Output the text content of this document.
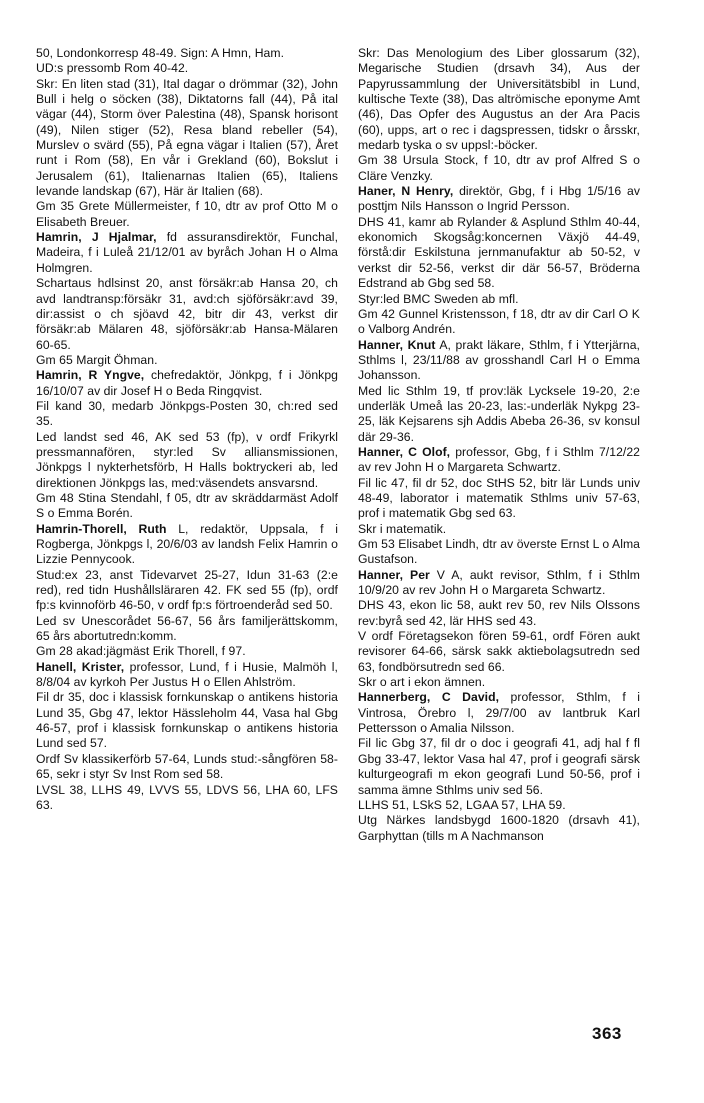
50, Londonkorresp 48-49. Sign: A Hmn, Ham.

UD:s pressomb Rom 40-42.

Skr: En liten stad (31), Ital dagar o drömmar (32), John Bull i helg o söcken (38), Diktatorns fall (44), På ital vägar (44), Storm över Palestina (48), Spansk horisont (49), Nilen stiger (52), Resa bland rebeller (54), Murslev o svärd (55), På egna vägar i Italien (57), Året runt i Rom (58), En vår i Grekland (60), Bokslut i Jerusalem (61), Italienarnas Italien (65), Italiens levande landskap (67), Här är Italien (68).

Gm 35 Grete Müllermeister, f 10, dtr av prof Otto M o Elisabeth Breuer.

Hamrin, J Hjalmar, fd assuransdirektör, Funchal, Madeira, f i Luleå 21/12/01 av byråch Johan H o Alma Holmgren.

Schartaus hdlsinst 20, anst försäkr:ab Hansa 20, ch avd landtransp:försäkr 31, avd:ch sjöförsäkr:avd 39, dir:assist o ch sjöavd 42, bitr dir 43, verkst dir försäkr:ab Mälaren 48, sjöförsäkr:ab Hansa-Mälaren 60-65.

Gm 65 Margit Öhman.

Hamrin, R Yngve, chefredaktör, Jönkpg, f i Jönkpg 16/10/07 av dir Josef H o Beda Ringqvist.

Fil kand 30, medarb Jönkpgs-Posten 30, ch:red sed 35.

Led landst sed 46, AK sed 53 (fp), v ordf Frikyrkl pressmannafören, styr:led Sv alliansmissionen, Jönkpgs l nykterhetsförb, H Halls boktryckeri ab, led direktionen Jönkpgs las, med:väsendets ansvarsnd.

Gm 48 Stina Stendahl, f 05, dtr av skräddarmäst Adolf S o Emma Borén.

Hamrin-Thorell, Ruth L, redaktör, Uppsala, f i Rogberga, Jönkpgs l, 20/6/03 av landsh Felix Hamrin o Lizzie Pennycook.

Stud:ex 23, anst Tidevarvet 25-27, Idun 31-63 (2:e red), red tidn Hushållsläraren 42. FK sed 55 (fp), ordf fp:s kvinnoförb 46-50, v ordf fp:s förtroenderåd sed 50.

Led sv Unescorådet 56-67, 56 års familjerättskomm, 65 års abortutredn:komm.

Gm 28 akad:jägmäst Erik Thorell, f 97.

Hanell, Krister, professor, Lund, f i Husie, Malmöh l, 8/8/04 av kyrkoh Per Justus H o Ellen Ahlström.

Fil dr 35, doc i klassisk fornkunskap o antikens historia Lund 35, Gbg 47, lektor Hässleholm 44, Vasa hal Gbg 46-57, prof i klassisk fornkunskap o antikens historia Lund sed 57.

Ordf Sv klassikerförb 57-64, Lunds stud:-sångfören 58-65, sekr i styr Sv Inst Rom sed 58.

LVSL 38, LLHS 49, LVVS 55, LDVS 56, LHA 60, LFS 63.

Skr: Das Menologium des Liber glossarum (32), Megarische Studien (drsavh 34), Aus der Papyrussammlung der Universitätsbibl in Lund, kultische Texte (38), Das altrömische eponyme Amt (46), Das Opfer des Augustus an der Ara Pacis (60), upps, art o rec i dagspressen, tidskr o årsskr, medarb tyska o sv uppsl:-böcker.

Gm 38 Ursula Stock, f 10, dtr av prof Alfred S o Cläre Venzky.

Haner, N Henry, direktör, Gbg, f i Hbg 1/5/16 av posttjm Nils Hansson o Ingrid Persson.

DHS 41, kamr ab Rylander & Asplund Sthlm 40-44, ekonomich Skogsåg:koncernen Växjö 44-49, förstå:dir Eskilstuna jernmanufaktur ab 50-52, v verkst dir 52-56, verkst dir där 56-57, Bröderna Edstrand ab Gbg sed 58.

Styr:led BMC Sweden ab mfl.

Gm 42 Gunnel Kristensson, f 18, dtr av dir Carl O K o Valborg Andrén.

Hanner, Knut A, prakt läkare, Sthlm, f i Ytterjärna, Sthlms l, 23/11/88 av grosshandl Carl H o Emma Johansson.

Med lic Sthlm 19, tf prov:läk Lycksele 19-20, 2:e underläk Umeå las 20-23, las:-underläk Nykpg 23-25, läk Kejsarens sjh Addis Abeba 26-36, sv konsul där 29-36.

Hanner, C Olof, professor, Gbg, f i Sthlm 7/12/22 av rev John H o Margareta Schwartz.

Fil lic 47, fil dr 52, doc StHS 52, bitr lär Lunds univ 48-49, laborator i matematik Sthlms univ 57-63, prof i matematik Gbg sed 63.

Skr i matematik.

Gm 53 Elisabet Lindh, dtr av överste Ernst L o Alma Gustafson.

Hanner, Per V A, aukt revisor, Sthlm, f i Sthlm 10/9/20 av rev John H o Margareta Schwartz.

DHS 43, ekon lic 58, aukt rev 50, rev Nils Olssons rev:byrå sed 42, lär HHS sed 43.

V ordf Företagsekon fören 59-61, ordf Fören aukt revisorer 64-66, särsk sakk aktiebolagsutredn sed 63, fondbörsutredn sed 66.

Skr o art i ekon ämnen.

Hannerberg, C David, professor, Sthlm, f i Vintrosa, Örebro l, 29/7/00 av lantbruk Karl Pettersson o Amalia Nilsson.

Fil lic Gbg 37, fil dr o doc i geografi 41, adj hal f fl Gbg 33-47, lektor Vasa hal 47, prof i geografi särsk kulturgeografi m ekon geografi Lund 50-56, prof i samma ämne Sthlms univ sed 56.

LLHS 51, LSkS 52, LGAA 57, LHA 59.

Utg Närkes landsbygd 1600-1820 (drsavh 41), Garphyttan (tills m A Nachmanson

363
